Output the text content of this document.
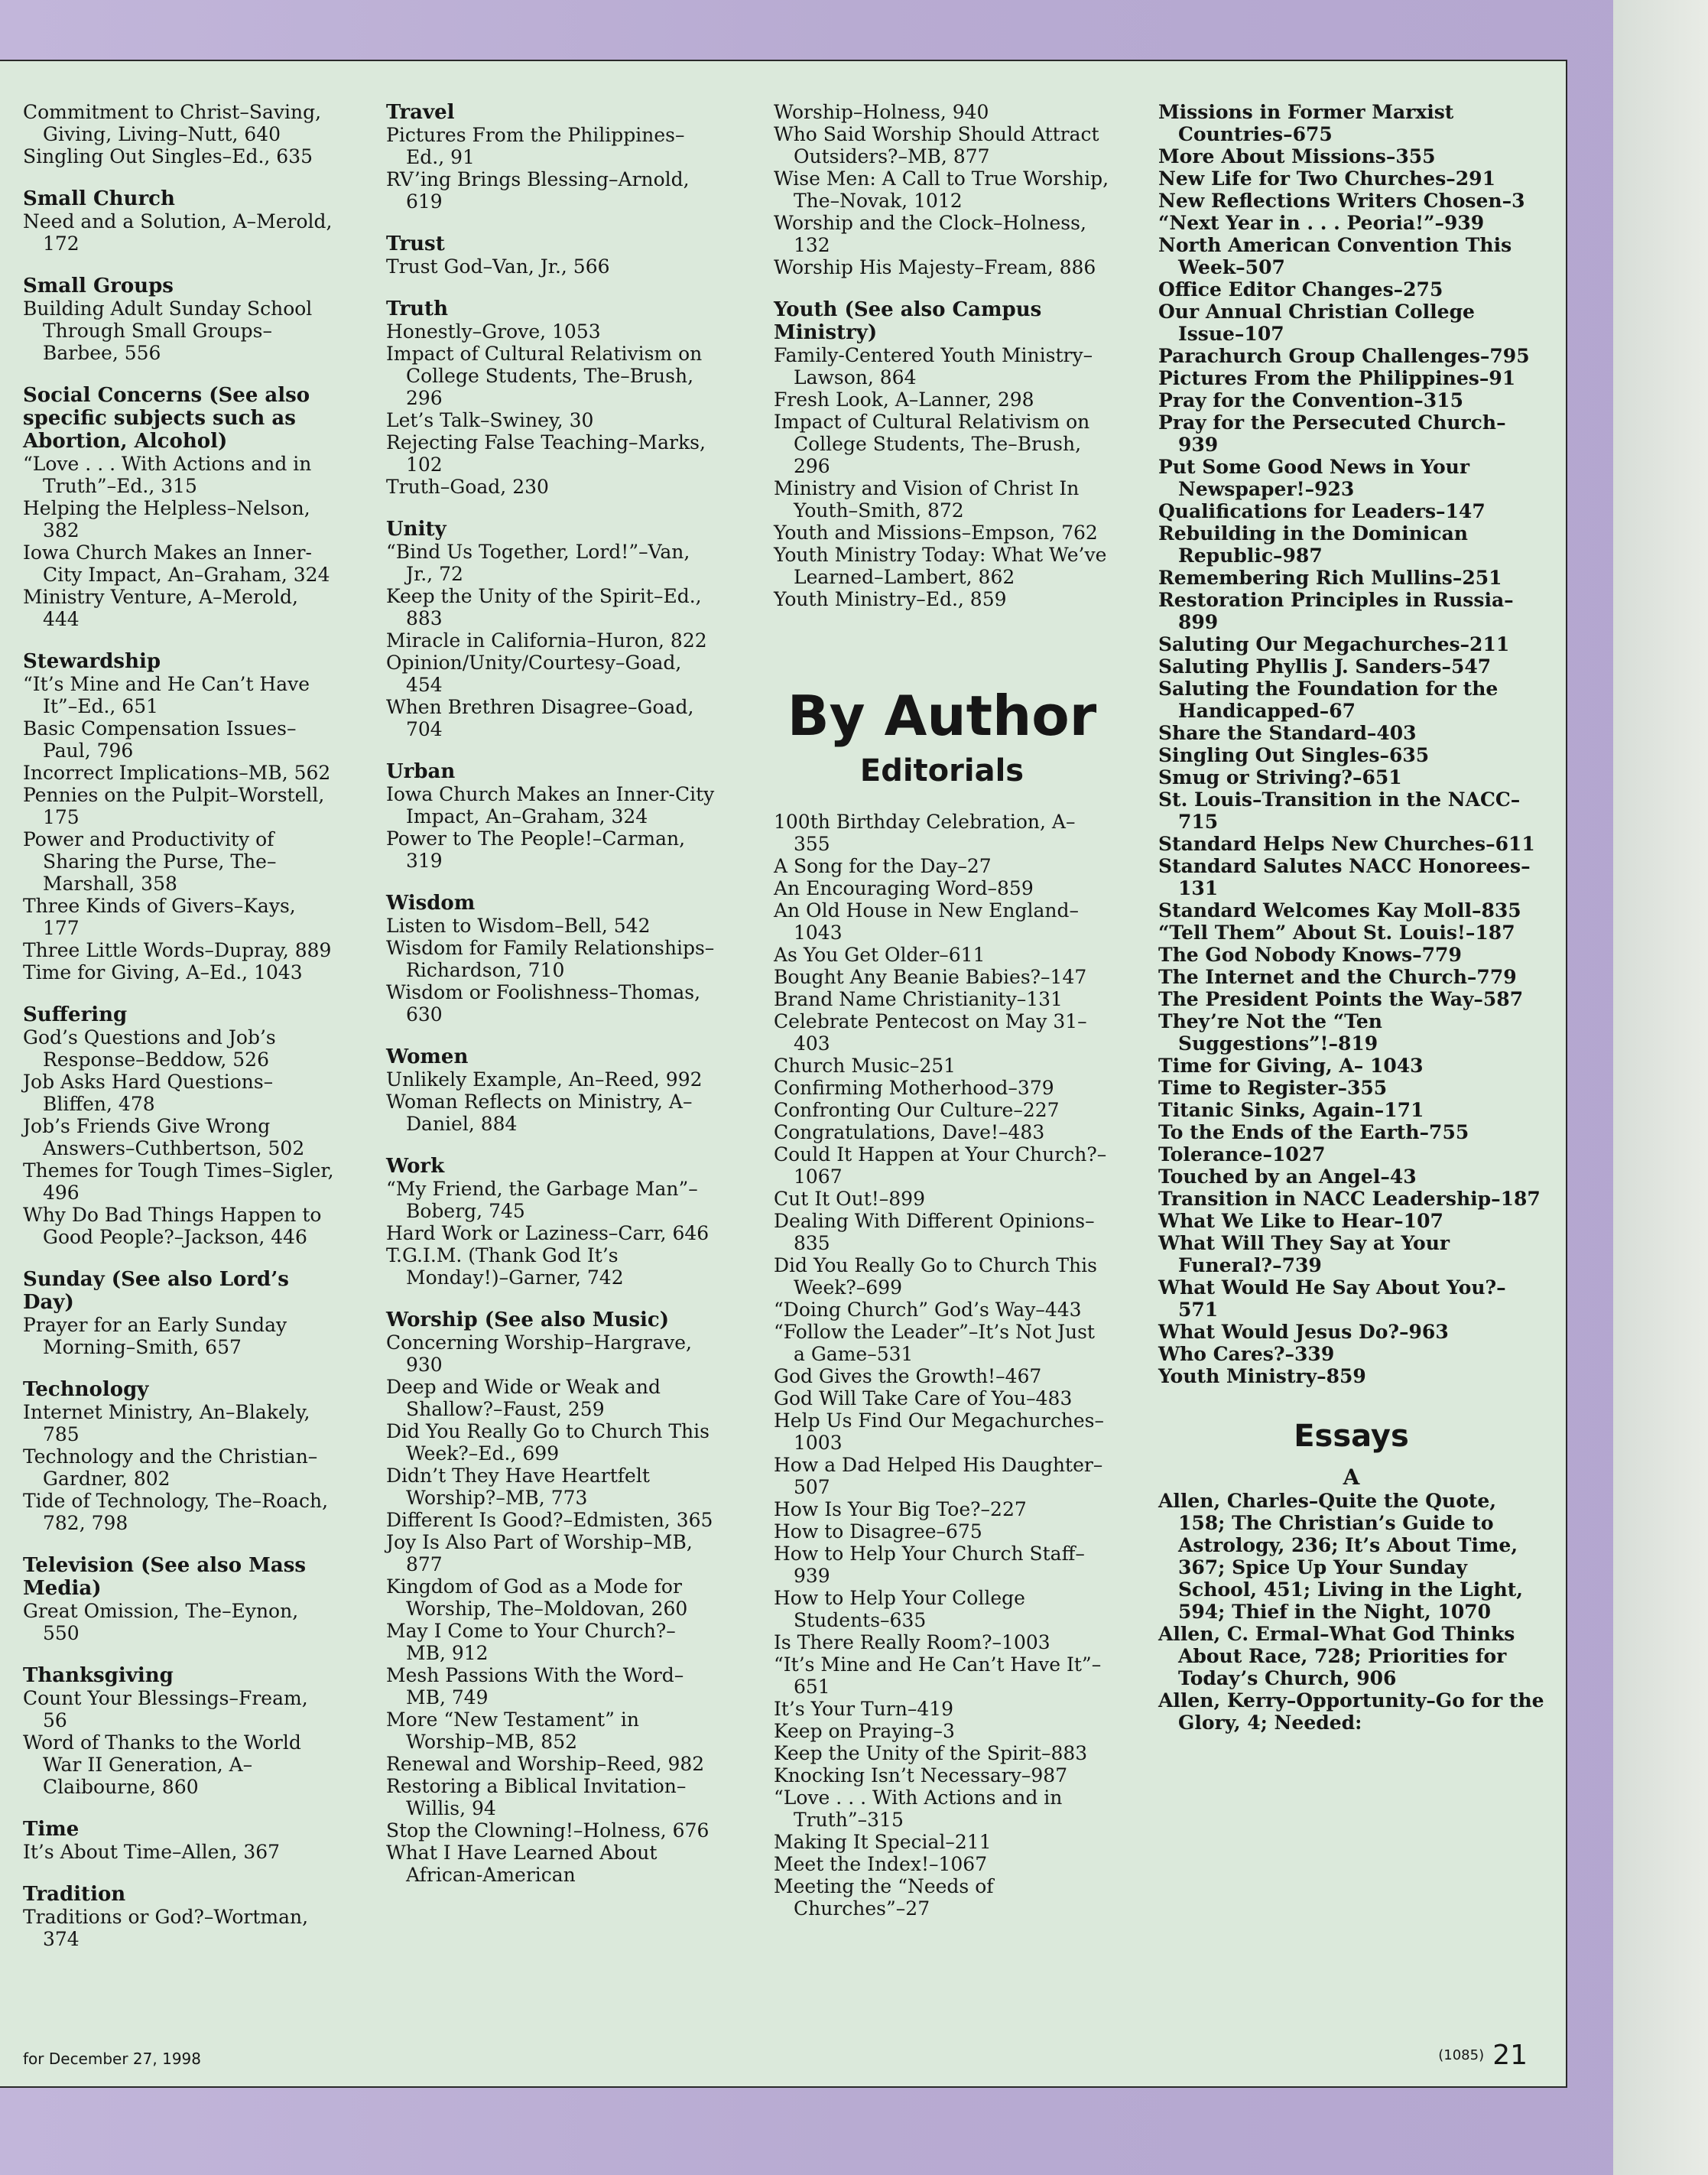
Commitment to Christ–Saving, Giving, Living–Nutt, 640
Singling Out Singles–Ed., 635
Small Church
Need and a Solution, A–Merold, 172
Small Groups
Building Adult Sunday School Through Small Groups–Barbee, 556
Social Concerns (See also specific subjects such as Abortion, Alcohol)
“Love . . . With Actions and in Truth”–Ed., 315
Helping the Helpless–Nelson, 382
Iowa Church Makes an Inner-City Impact, An–Graham, 324
Ministry Venture, A–Merold, 444
Stewardship
“It’s Mine and He Can’t Have It”–Ed., 651
Basic Compensation Issues–Paul, 796
Incorrect Implications–MB, 562
Pennies on the Pulpit–Worstell, 175
Power and Productivity of Sharing the Purse, The–Marshall, 358
Three Kinds of Givers–Kays, 177
Three Little Words–Dupray, 889
Time for Giving, A–Ed., 1043
Suffering
God’s Questions and Job’s Response–Beddow, 526
Job Asks Hard Questions–Bliffen, 478
Job’s Friends Give Wrong Answers–Cuthbertson, 502
Themes for Tough Times–Sigler, 496
Why Do Bad Things Happen to Good People?–Jackson, 446
Sunday (See also Lord’s Day)
Prayer for an Early Sunday Morning–Smith, 657
Technology
Internet Ministry, An–Blakely, 785
Technology and the Christian–Gardner, 802
Tide of Technology, The–Roach, 782, 798
Television (See also Mass Media)
Great Omission, The–Eynon, 550
Thanksgiving
Count Your Blessings–Fream, 56
Word of Thanks to the World War II Generation, A–Claibourne, 860
Time
It’s About Time–Allen, 367
Tradition
Traditions or God?–Wortman, 374
Travel
Pictures From the Philippines–Ed., 91
RV’ing Brings Blessing–Arnold, 619
Trust
Trust God–Van, Jr., 566
Truth
Honestly–Grove, 1053
Impact of Cultural Relativism on College Students, The–Brush, 296
Let’s Talk–Swiney, 30
Rejecting False Teaching–Marks, 102
Truth–Goad, 230
Unity
“Bind Us Together, Lord!”–Van, Jr., 72
Keep the Unity of the Spirit–Ed., 883
Miracle in California–Huron, 822
Opinion/Unity/Courtesy–Goad, 454
When Brethren Disagree–Goad, 704
Urban
Iowa Church Makes an Inner-City Impact, An–Graham, 324
Power to The People!–Carman, 319
Wisdom
Listen to Wisdom–Bell, 542
Wisdom for Family Relationships–Richardson, 710
Wisdom or Foolishness–Thomas, 630
Women
Unlikely Example, An–Reed, 992
Woman Reflects on Ministry, A–Daniel, 884
Work
“My Friend, the Garbage Man”–Boberg, 745
Hard Work or Laziness–Carr, 646
T.G.I.M. (Thank God It’s Monday!)–Garner, 742
Worship (See also Music)
Concerning Worship–Hargrave, 930
Deep and Wide or Weak and Shallow?–Faust, 259
Did You Really Go to Church This Week?–Ed., 699
Didn’t They Have Heartfelt Worship?–MB, 773
Different Is Good?–Edmisten, 365
Joy Is Also Part of Worship–MB, 877
Kingdom of God as a Mode for Worship, The–Moldovan, 260
May I Come to Your Church?–MB, 912
Mesh Passions With the Word–MB, 749
More “New Testament” in Worship–MB, 852
Renewal and Worship–Reed, 982
Restoring a Biblical Invitation–Willis, 94
Stop the Clowning!–Holness, 676
What I Have Learned About African-American
Worship–Holness, 940
Who Said Worship Should Attract Outsiders?–MB, 877
Wise Men: A Call to True Worship, The–Novak, 1012
Worship and the Clock–Holness, 132
Worship His Majesty–Fream, 886
Youth (See also Campus Ministry)
Family-Centered Youth Ministry–Lawson, 864
Fresh Look, A–Lanner, 298
Impact of Cultural Relativism on College Students, The–Brush, 296
Ministry and Vision of Christ In Youth–Smith, 872
Youth and Missions–Empson, 762
Youth Ministry Today: What We’ve Learned–Lambert, 862
Youth Ministry–Ed., 859
By Author
Editorials
100th Birthday Celebration, A–355
A Song for the Day–27
An Encouraging Word–859
An Old House in New England–1043
As You Get Older–611
Bought Any Beanie Babies?–147
Brand Name Christianity–131
Celebrate Pentecost on May 31–403
Church Music–251
Confirming Motherhood–379
Confronting Our Culture–227
Congratulations, Dave!–483
Could It Happen at Your Church?–1067
Cut It Out!–899
Dealing With Different Opinions–835
Did You Really Go to Church This Week?–699
“Doing Church” God’s Way–443
“Follow the Leader”–It’s Not Just a Game–531
God Gives the Growth!–467
God Will Take Care of You–483
Help Us Find Our Megachurches–1003
How a Dad Helped His Daughter–507
How Is Your Big Toe?–227
How to Disagree–675
How to Help Your Church Staff–939
How to Help Your College Students–635
Is There Really Room?–1003
“It’s Mine and He Can’t Have It”–651
It’s Your Turn–419
Keep on Praying–3
Keep the Unity of the Spirit–883
Knocking Isn’t Necessary–987
“Love . . . With Actions and in Truth”–315
Making It Special–211
Meet the Index!–1067
Meeting the “Needs of Churches”–27
Missions in Former Marxist Countries–675
More About Missions–355
New Life for Two Churches–291
New Reflections Writers Chosen–3
“Next Year in . . . Peoria!”–939
North American Convention This Week–507
Office Editor Changes–275
Our Annual Christian College Issue–107
Parachurch Group Challenges–795
Pictures From the Philippines–91
Pray for the Convention–315
Pray for the Persecuted Church–939
Put Some Good News in Your Newspaper!–923
Qualifications for Leaders–147
Rebuilding in the Dominican Republic–987
Remembering Rich Mullins–251
Restoration Principles in Russia–899
Saluting Our Megachurches–211
Saluting Phyllis J. Sanders–547
Saluting the Foundation for the Handicapped–67
Share the Standard–403
Singling Out Singles–635
Smug or Striving?–651
St. Louis–Transition in the NACC–715
Standard Helps New Churches–611
Standard Salutes NACC Honorees–131
Standard Welcomes Kay Moll–835
“Tell Them” About St. Louis!–187
The God Nobody Knows–779
The Internet and the Church–779
The President Points the Way–587
They’re Not the “Ten Suggestions”!–819
Time for Giving, A– 1043
Time to Register–355
Titanic Sinks, Again–171
To the Ends of the Earth–755
Tolerance–1027
Touched by an Angel–43
Transition in NACC Leadership–187
What We Like to Hear–107
What Will They Say at Your Funeral?–739
What Would He Say About You?–571
What Would Jesus Do?–963
Who Cares?–339
Youth Ministry–859
Essays
A
Allen, Charles–Quite the Quote, 158; The Christian’s Guide to Astrology, 236; It’s About Time, 367; Spice Up Your Sunday School, 451; Living in the Light, 594; Thief in the Night, 1070
Allen, C. Ermal–What God Thinks About Race, 728; Priorities for Today’s Church, 906
Allen, Kerry–Opportunity–Go for the Glory, 4; Needed:
for December 27, 1998	(1085) 21
